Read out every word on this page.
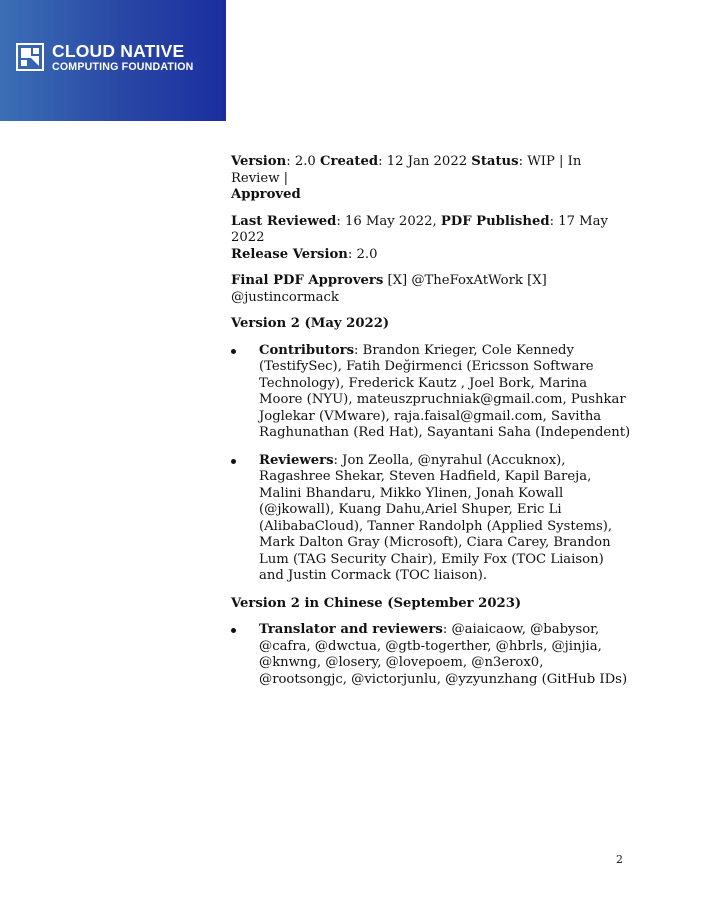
CLOUD NATIVE
COMPUTING FOUNDATION

Version: 2.0 Created: 12 Jan 2022 Status: WIP | In Review |
Approved

Last Reviewed: 16 May 2022, PDF Published: 17 May 2022
Release Version: 2.0

Final PDF Approvers [X] @TheFoxAtWork [X] @justincormack

Version 2 (May 2022)
Contributors: Brandon Krieger, Cole Kennedy (TestifySec), Fatih Değirmenci (Ericsson Software Technology), Frederick Kautz , Joel Bork, Marina Moore (NYU), mateuszpruchniak@gmail.com, Pushkar Joglekar (VMware), raja.faisal@gmail.com, Savitha Raghunathan (Red Hat), Sayantani Saha (Independent)
Reviewers: Jon Zeolla, @nyrahul (Accuknox), Ragashree Shekar, Steven Hadfield, Kapil Bareja, Malini Bhandaru, Mikko Ylinen, Jonah Kowall (@jkowall), Kuang Dahu,Ariel Shuper, Eric Li (AlibabaCloud), Tanner Randolph (Applied Systems), Mark Dalton Gray (Microsoft), Ciara Carey, Brandon Lum (TAG Security Chair), Emily Fox (TOC Liaison) and Justin Cormack (TOC liaison).
Version 2 in Chinese (September 2023)
Translator and reviewers: @aiaicaow, @babysor, @cafra, @dwctua, @gtb-togerther, @hbrls, @jinjia, @knwng, @losery, @lovepoem, @n3erox0, @rootsongjc, @victorjunlu, @yzyunzhang (GitHub IDs)
2
